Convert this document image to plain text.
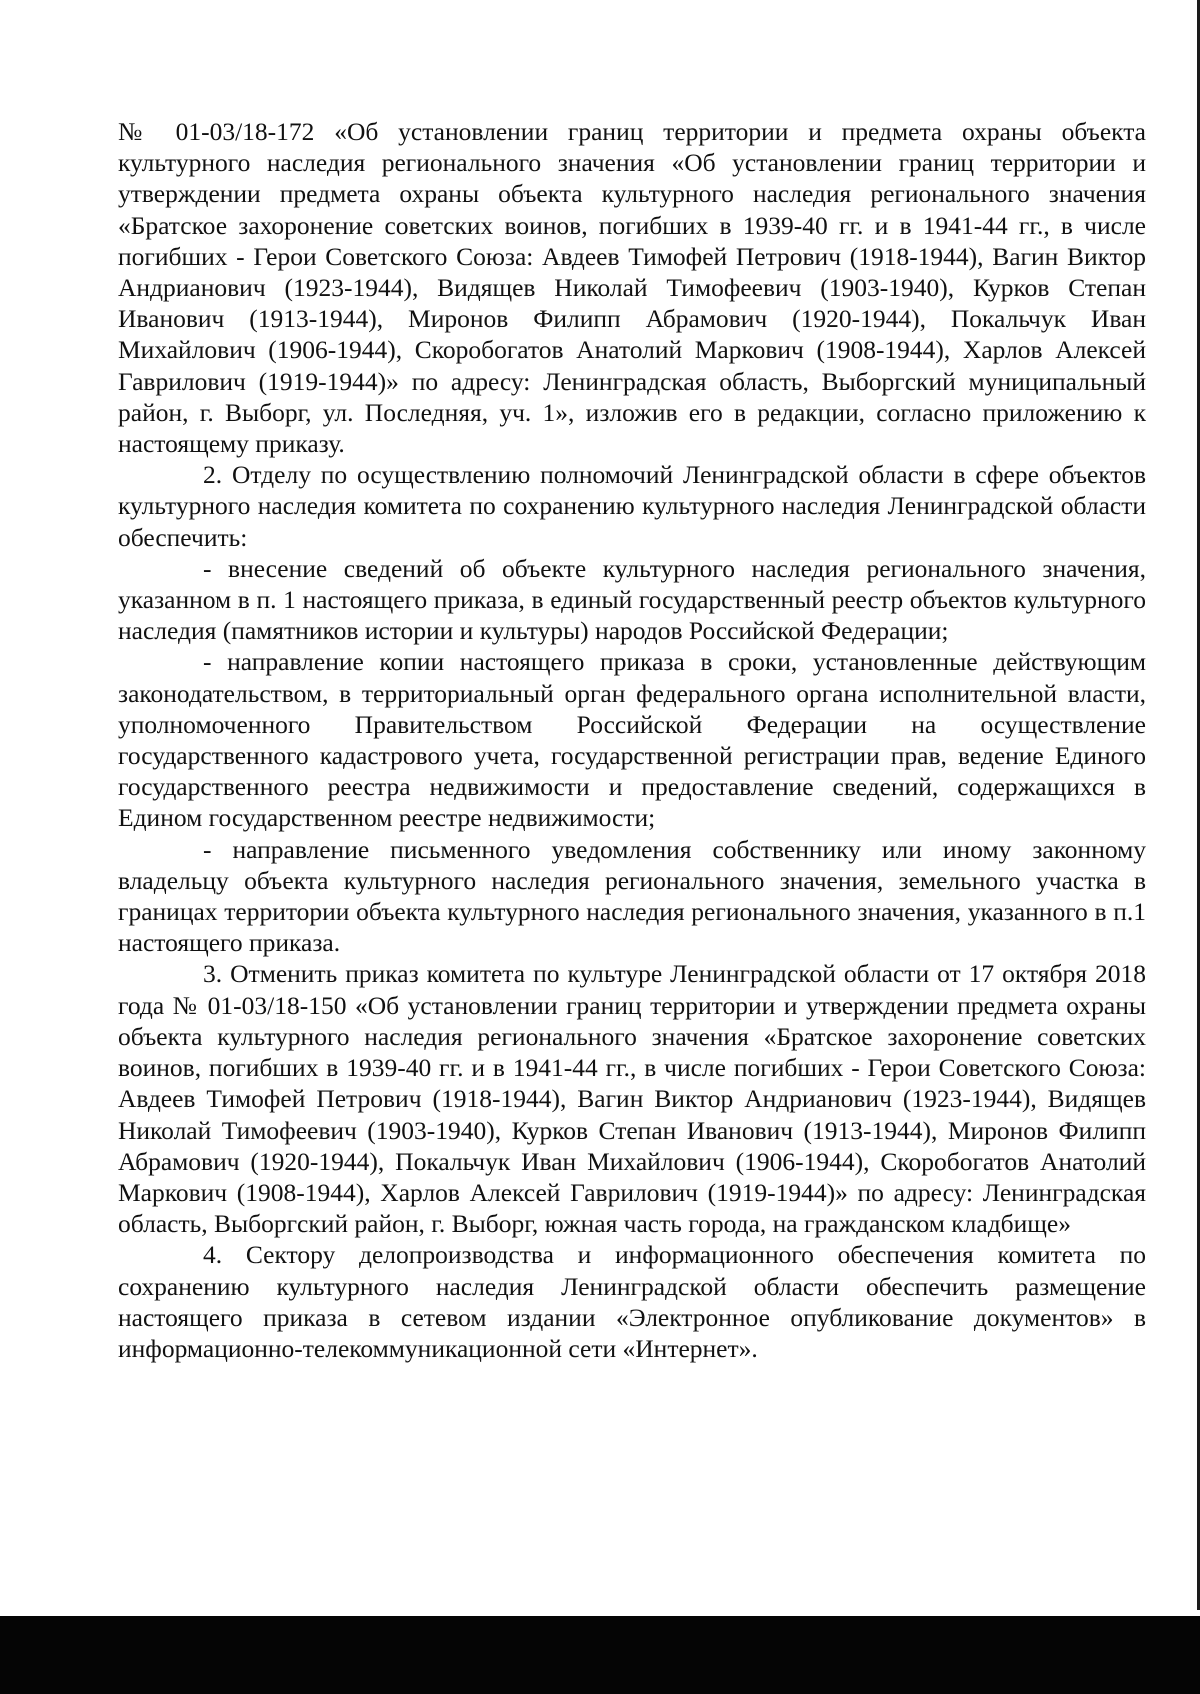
№ 01-03/18-172 «Об установлении границ территории и предмета охраны объекта культурного наследия регионального значения «Об установлении границ территории и утверждении предмета охраны объекта культурного наследия регионального значения «Братское захоронение советских воинов, погибших в 1939-40 гг. и в 1941-44 гг., в числе погибших - Герои Советского Союза: Авдеев Тимофей Петрович (1918-1944), Вагин Виктор Андрианович (1923-1944), Видящев Николай Тимофеевич (1903-1940), Курков Степан Иванович (1913-1944), Миронов Филипп Абрамович (1920-1944), Покальчук Иван Михайлович (1906-1944), Скоробогатов Анатолий Маркович (1908-1944), Харлов Алексей Гаврилович (1919-1944)» по адресу: Ленинградская область, Выборгский муниципальный район, г. Выборг, ул. Последняя, уч. 1», изложив его в редакции, согласно приложению к настоящему приказу.

2. Отделу по осуществлению полномочий Ленинградской области в сфере объектов культурного наследия комитета по сохранению культурного наследия Ленинградской области обеспечить:

- внесение сведений об объекте культурного наследия регионального значения, указанном в п. 1 настоящего приказа, в единый государственный реестр объектов культурного наследия (памятников истории и культуры) народов Российской Федерации;

- направление копии настоящего приказа в сроки, установленные действующим законодательством, в территориальный орган федерального органа исполнительной власти, уполномоченного Правительством Российской Федерации на осуществление государственного кадастрового учета, государственной регистрации прав, ведение Единого государственного реестра недвижимости и предоставление сведений, содержащихся в Едином государственном реестре недвижимости;

- направление письменного уведомления собственнику или иному законному владельцу объекта культурного наследия регионального значения, земельного участка в границах территории объекта культурного наследия регионального значения, указанного в п.1 настоящего приказа.

3. Отменить приказ комитета по культуре Ленинградской области от 17 октября 2018 года № 01-03/18-150 «Об установлении границ территории и утверждении предмета охраны объекта культурного наследия регионального значения «Братское захоронение советских воинов, погибших в 1939-40 гг. и в 1941-44 гг., в числе погибших - Герои Советского Союза: Авдеев Тимофей Петрович (1918-1944), Вагин Виктор Андрианович (1923-1944), Видящев Николай Тимофеевич (1903-1940), Курков Степан Иванович (1913-1944), Миронов Филипп Абрамович (1920-1944), Покальчук Иван Михайлович (1906-1944), Скоробогатов Анатолий Маркович (1908-1944), Харлов Алексей Гаврилович (1919-1944)» по адресу: Ленинградская область, Выборгский район, г. Выборг, южная часть города, на гражданском кладбище»

4. Сектору делопроизводства и информационного обеспечения комитета по сохранению культурного наследия Ленинградской области обеспечить размещение настоящего приказа в сетевом издании «Электронное опубликование документов» в информационно-телекоммуникационной сети «Интернет».
